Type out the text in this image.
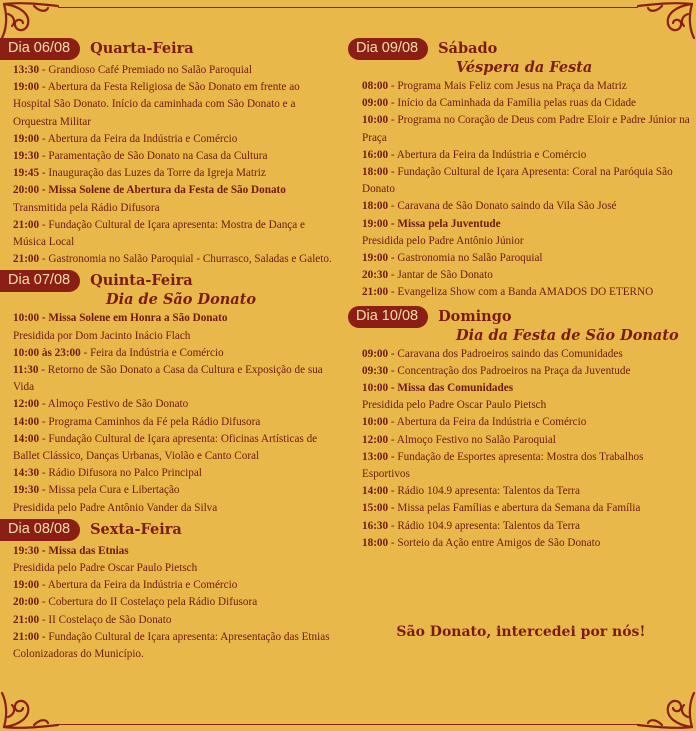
Dia 06/08	Quarta-Feira
13:30 - Grandioso Café Premiado no Salão Paroquial
19:00 - Abertura da Festa Religiosa de São Donato em frente ao Hospital São Donato. Início da caminhada com São Donato e a Orquestra Militar
19:00 - Abertura da Feira da Indústria e Comércio
19:30 - Paramentação de São Donato na Casa da Cultura
19:45 - Inauguração das Luzes da Torre da Igreja Matriz
20:00 - Missa Solene de Abertura da Festa de São Donato
Transmitida pela Rádio Difusora
21:00 - Fundação Cultural de Içara apresenta: Mostra de Dança e Música Local
21:00 - Gastronomia no Salão Paroquial - Churrasco, Saladas e Galeto.
Dia 07/08	Quinta-Feira
Dia de São Donato
10:00 - Missa Solene em Honra a São Donato
Presidida por Dom Jacinto Inácio Flach
10:00 às 23:00 - Feira da Indústria e Comércio
11:30 - Retorno de São Donato a Casa da Cultura e Exposição de sua Vida
12:00 - Almoço Festivo de São Donato
14:00 - Programa Caminhos da Fé pela Rádio Difusora
14:00 - Fundação Cultural de Içara apresenta: Oficinas Artísticas de Ballet Clássico, Danças Urbanas, Violão e Canto Coral
14:30 - Rádio Difusora no Palco Principal
19:30 - Missa pela Cura e Libertação
Presidida pelo Padre Antônio Vander da Silva
Dia 08/08	Sexta-Feira
19:30 - Missa das Etnias
Presidida pelo Padre Oscar Paulo Pietsch
19:00 - Abertura da Feira da Indústria e Comércio
20:00 - Cobertura do II Costelaço pela Rádio Difusora
21:00 - II Costelaço de São Donato
21:00 - Fundação Cultural de Içara apresenta: Apresentação das Etnias Colonizadoras do Município.
Dia 09/08	Sábado
Véspera da Festa
08:00 - Programa Mais Feliz com Jesus na Praça da Matriz
09:00 - Início da Caminhada da Família pelas ruas da Cidade
10:00 - Programa no Coração de Deus com Padre Eloir e Padre Júnior na Praça
16:00 - Abertura da Feira da Indústria e Comércio
18:00 - Fundação Cultural de Içara Apresenta: Coral na Paróquia São Donato
18:00 - Caravana de São Donato saindo da Vila São José
19:00 - Missa pela Juventude
Presidida pelo Padre Antônio Júnior
19:00 - Gastronomia no Salão Paroquial
20:30 - Jantar de São Donato
21:00 - Evangeliza Show com a Banda AMADOS DO ETERNO
Dia 10/08	Domingo
Dia da Festa de São Donato
09:00 - Caravana dos Padroeiros saindo das Comunidades
09:30 - Concentração dos Padroeiros na Praça da Juventude
10:00 - Missa das Comunidades
Presidida pelo Padre Oscar Paulo Pietsch
10:00 - Abertura da Feira da Indústria e Comércio
12:00 - Almoço Festivo no Salão Paroquial
13:00 - Fundação de Esportes apresenta: Mostra dos Trabalhos Esportivos
14:00 - Rádio 104.9 apresenta: Talentos da Terra
15:00 - Missa pelas Famílias e abertura da Semana da Família
16:30 - Rádio 104.9 apresenta: Talentos da Terra
18:00 - Sorteio da Ação entre Amigos de São Donato
São Donato, intercedei por nós!
